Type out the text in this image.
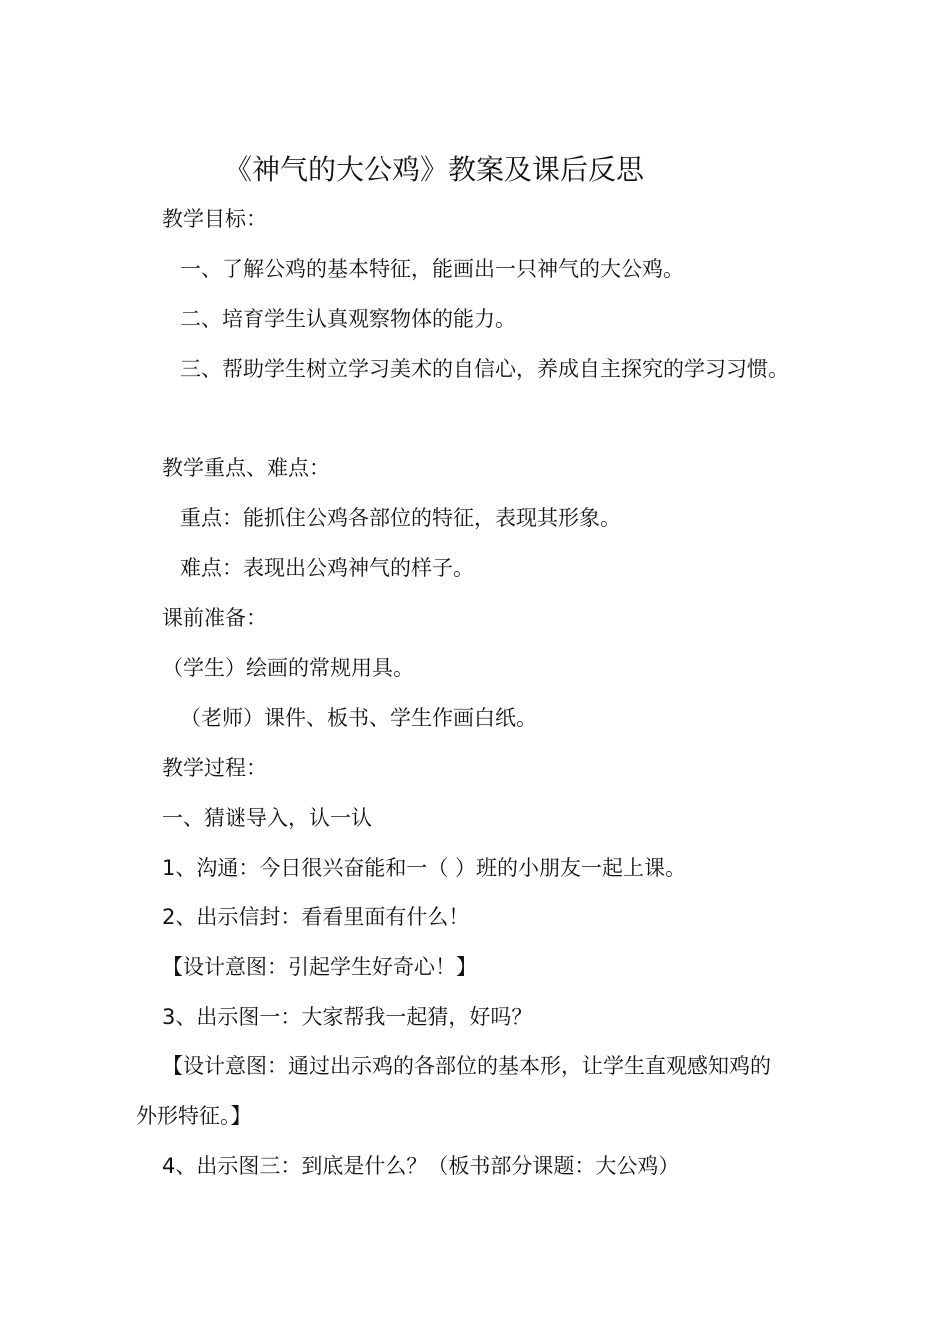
《神气的大公鸡》教案及课后反思
教学目标：
一、了解公鸡的基本特征，能画出一只神气的大公鸡。
二、培育学生认真观察物体的能力。
三、帮助学生树立学习美术的自信心，养成自主探究的学习习惯。
教学重点、难点：
重点：能抓住公鸡各部位的特征，表现其形象。
难点：表现出公鸡神气的样子。
课前准备：
（学生）绘画的常规用具。
（老师）课件、板书、学生作画白纸。
教学过程：
一、猜谜导入，认一认
1、沟通：今日很兴奋能和一（ ）班的小朋友一起上课。
2、出示信封：看看里面有什么！
【设计意图：引起学生好奇心！】
3、出示图一：大家帮我一起猜，好吗？
【设计意图：通过出示鸡的各部位的基本形，让学生直观感知鸡的
外形特征。】
4、出示图三：到底是什么？（板书部分课题：大公鸡）
